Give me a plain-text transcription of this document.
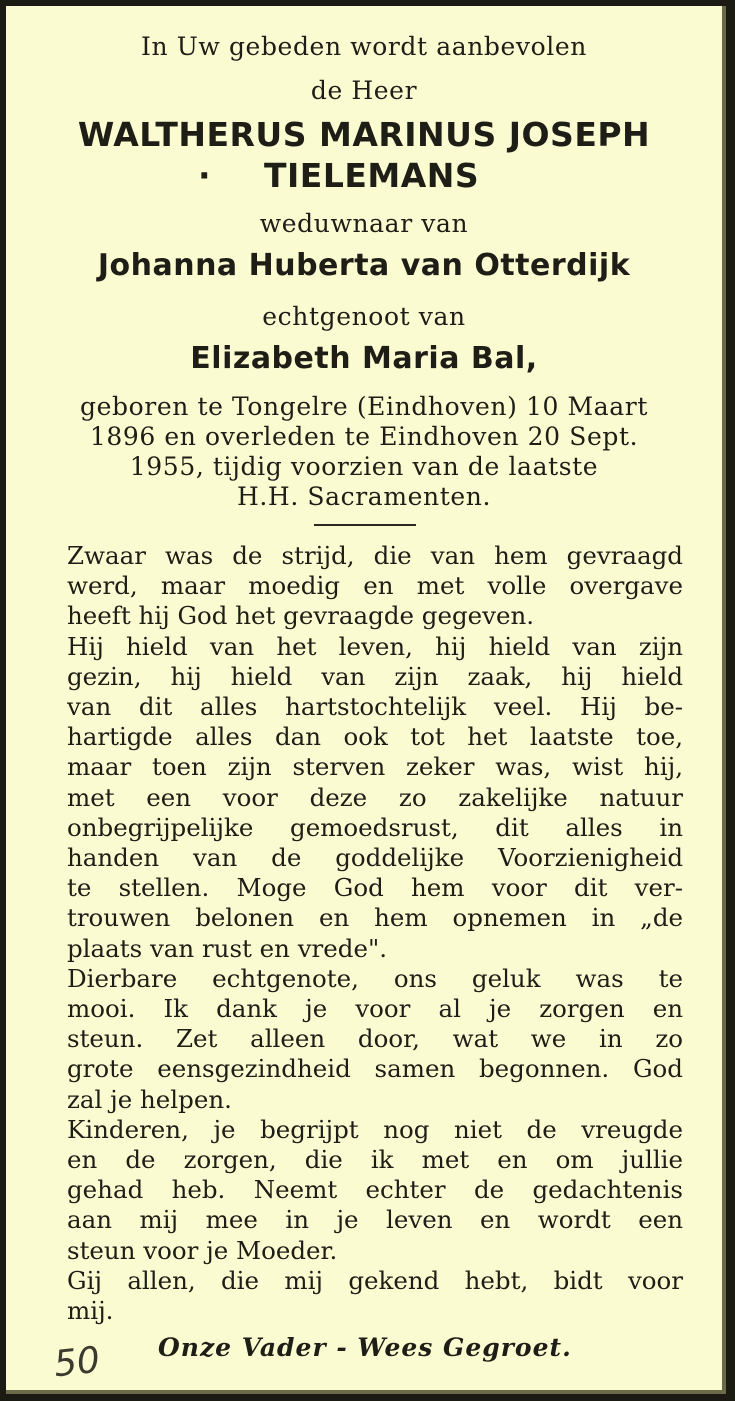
In Uw gebeden wordt aanbevolen
de Heer
WALTHERUS MARINUS JOSEPH
· TIELEMANS
weduwnaar van
Johanna Huberta van Otterdijk
echtgenoot van
Elizabeth Maria Bal,
geboren te Tongelre (Eindhoven) 10 Maart
1896 en overleden te Eindhoven 20 Sept.
1955, tijdig voorzien van de laatste
H.H. Sacramenten.
Zwaar was de strijd, die van hem gevraagd
werd, maar moedig en met volle overgave
heeft hij God het gevraagde gegeven.
Hij hield van het leven, hij hield van zijn
gezin, hij hield van zijn zaak, hij hield
van dit alles hartstochtelijk veel. Hij be-
hartigde alles dan ook tot het laatste toe,
maar toen zijn sterven zeker was, wist hij,
met een voor deze zo zakelijke natuur
onbegrijpelijke gemoedsrust, dit alles in
handen van de goddelijke Voorzienigheid
te stellen. Moge God hem voor dit ver-
trouwen belonen en hem opnemen in „de
plaats van rust en vrede".
Dierbare echtgenote, ons geluk was te
mooi. Ik dank je voor al je zorgen en
steun. Zet alleen door, wat we in zo
grote eensgezindheid samen begonnen. God
zal je helpen.
Kinderen, je begrijpt nog niet de vreugde
en de zorgen, die ik met en om jullie
gehad heb. Neemt echter de gedachtenis
aan mij mee in je leven en wordt een
steun voor je Moeder.
Gij allen, die mij gekend hebt, bidt voor
mij.
Onze Vader - Wees Gegroet.
50
